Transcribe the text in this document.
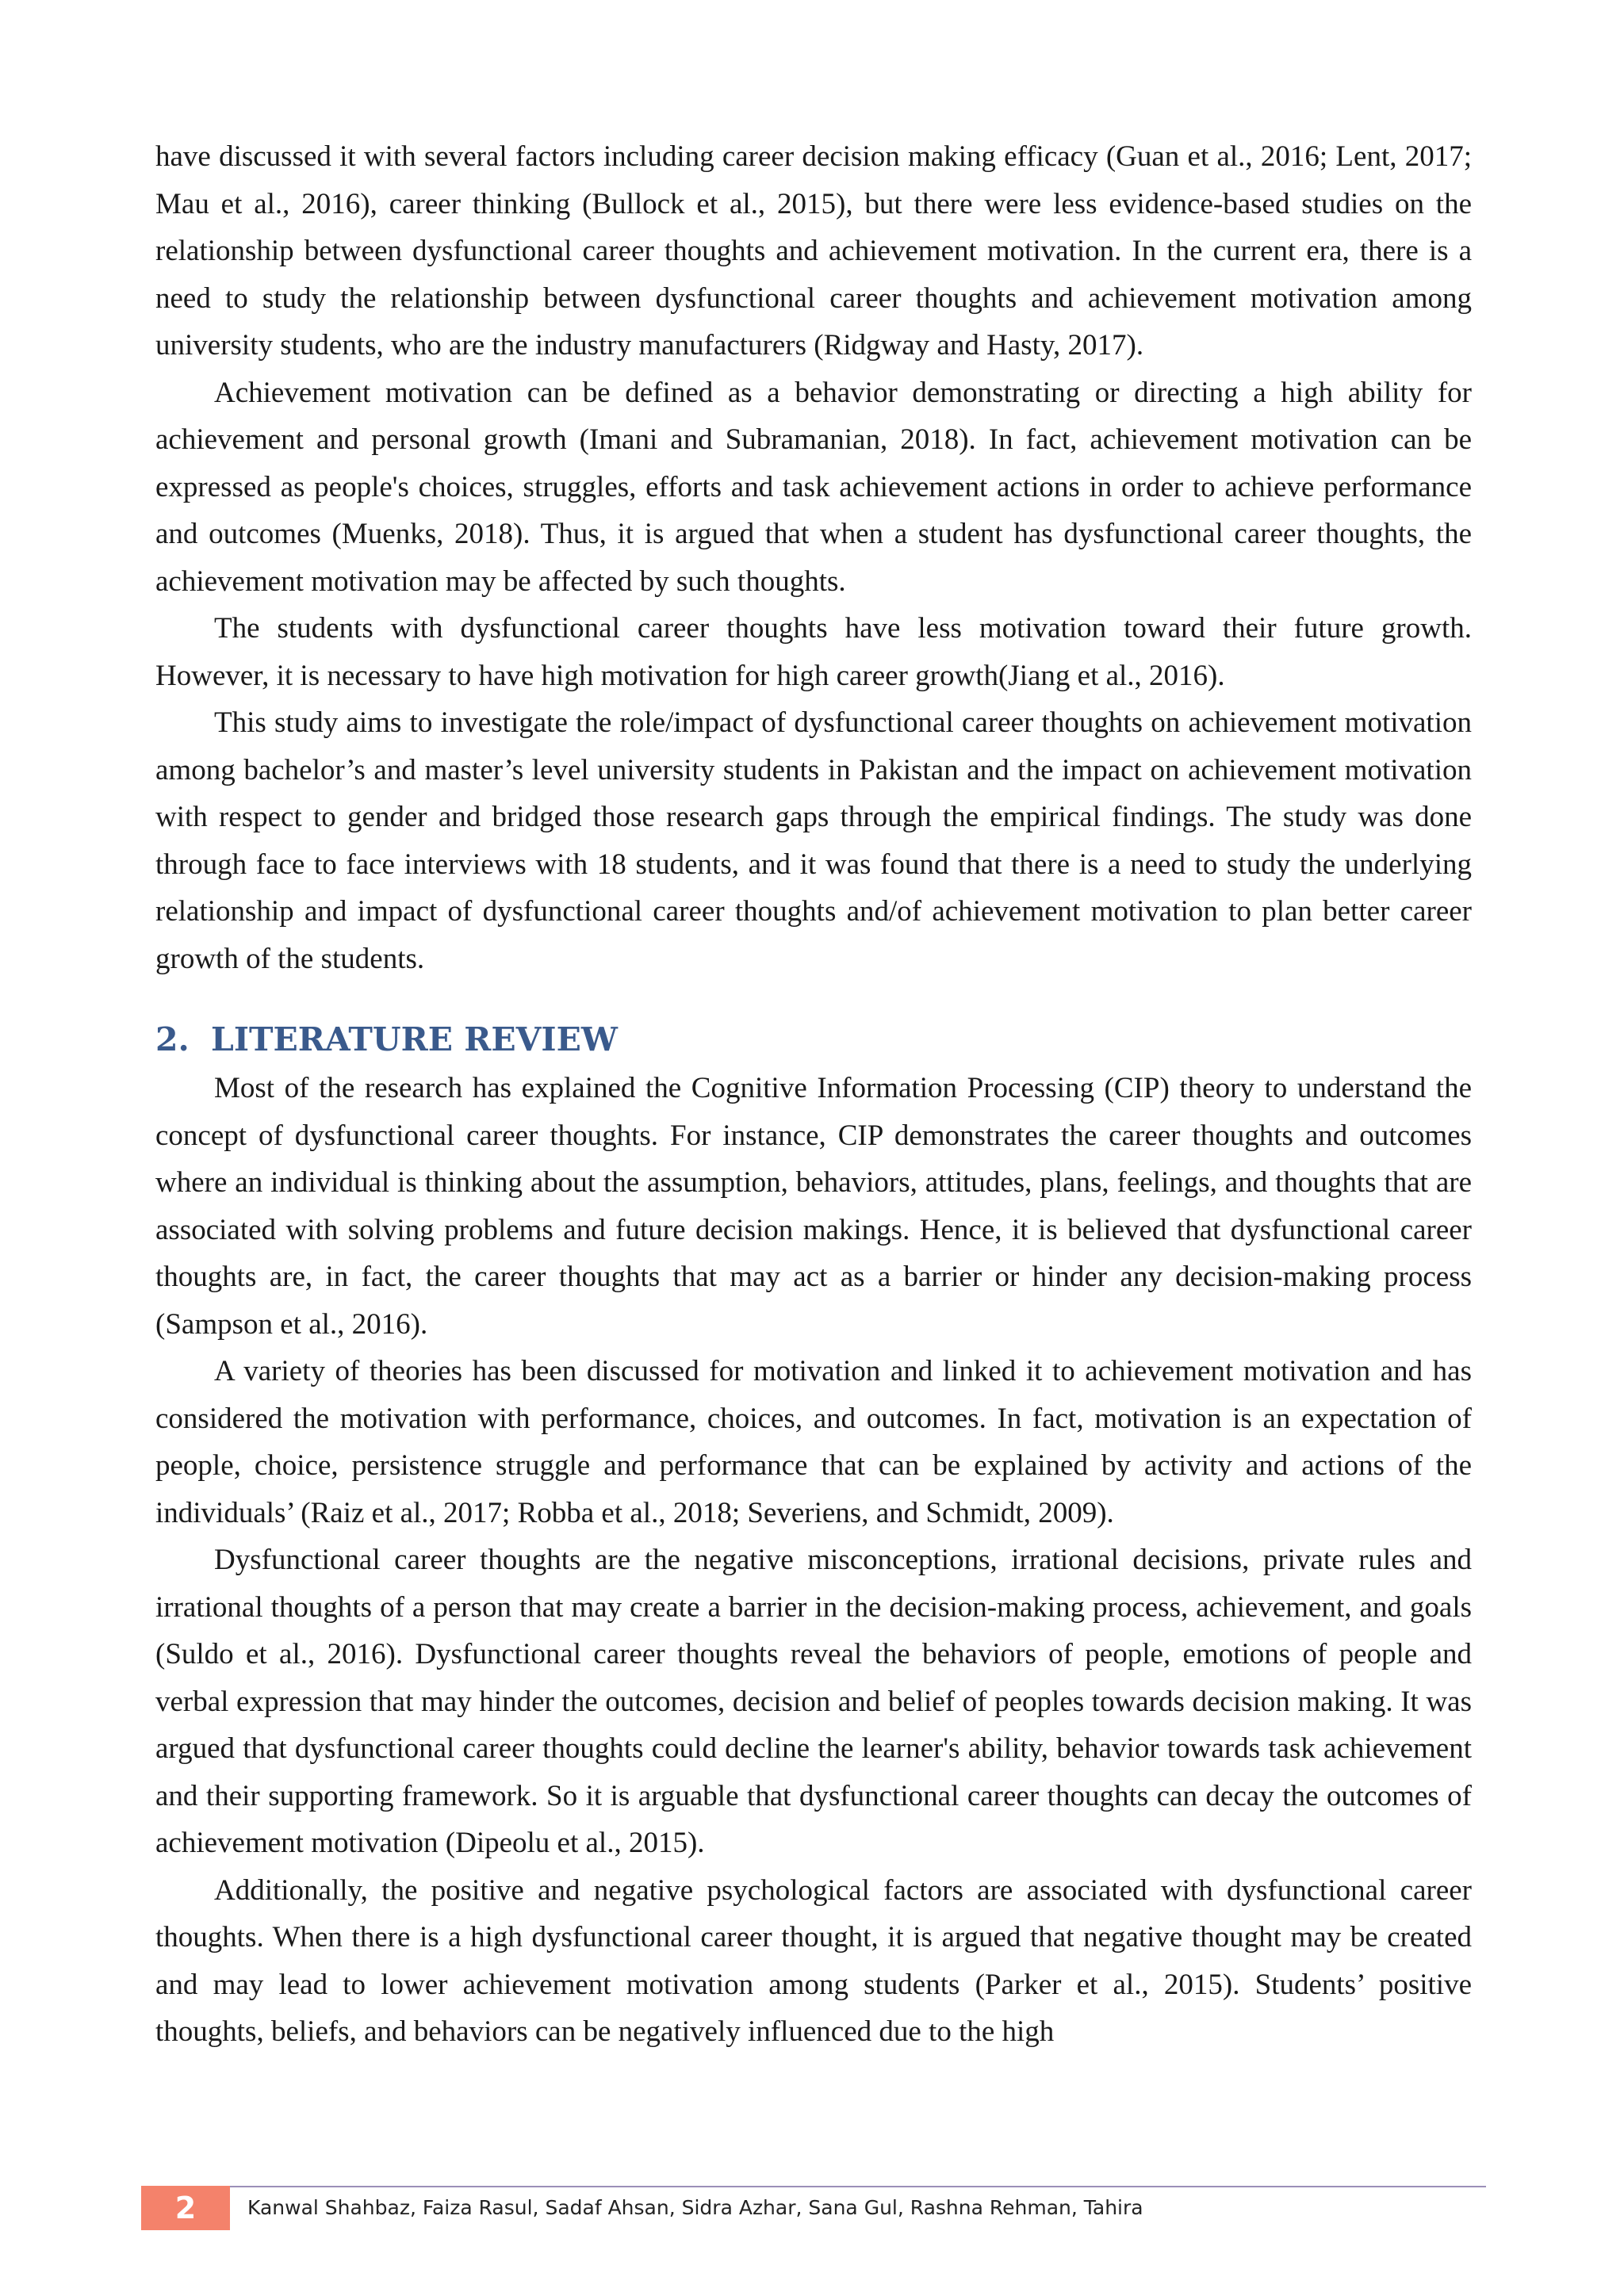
have discussed it with several factors including career decision making efficacy (Guan et al., 2016; Lent, 2017; Mau et al., 2016), career thinking (Bullock et al., 2015), but there were less evidence-based studies on the relationship between dysfunctional career thoughts and achievement motivation. In the current era, there is a need to study the relationship between dysfunctional career thoughts and achievement motivation among university students, who are the industry manufacturers (Ridgway and Hasty, 2017).

Achievement motivation can be defined as a behavior demonstrating or directing a high ability for achievement and personal growth (Imani and Subramanian, 2018). In fact, achievement motivation can be expressed as people's choices, struggles, efforts and task achievement actions in order to achieve performance and outcomes (Muenks, 2018). Thus, it is argued that when a student has dysfunctional career thoughts, the achievement motivation may be affected by such thoughts.

The students with dysfunctional career thoughts have less motivation toward their future growth. However, it is necessary to have high motivation for high career growth(Jiang et al., 2016).

This study aims to investigate the role/impact of dysfunctional career thoughts on achievement motivation among bachelor’s and master’s level university students in Pakistan and the impact on achievement motivation with respect to gender and bridged those research gaps through the empirical findings. The study was done through face to face interviews with 18 students, and it was found that there is a need to study the underlying relationship and impact of dysfunctional career thoughts and/of achievement motivation to plan better career growth of the students.

2. LITERATURE REVIEW

Most of the research has explained the Cognitive Information Processing (CIP) theory to understand the concept of dysfunctional career thoughts. For instance, CIP demonstrates the career thoughts and outcomes where an individual is thinking about the assumption, behaviors, attitudes, plans, feelings, and thoughts that are associated with solving problems and future decision makings. Hence, it is believed that dysfunctional career thoughts are, in fact, the career thoughts that may act as a barrier or hinder any decision-making process (Sampson et al., 2016).

A variety of theories has been discussed for motivation and linked it to achievement motivation and has considered the motivation with performance, choices, and outcomes. In fact, motivation is an expectation of people, choice, persistence struggle and performance that can be explained by activity and actions of the individuals’ (Raiz et al., 2017; Robba et al., 2018; Severiens, and Schmidt, 2009).

Dysfunctional career thoughts are the negative misconceptions, irrational decisions, private rules and irrational thoughts of a person that may create a barrier in the decision-making process, achievement, and goals (Suldo et al., 2016). Dysfunctional career thoughts reveal the behaviors of people, emotions of people and verbal expression that may hinder the outcomes, decision and belief of peoples towards decision making. It was argued that dysfunctional career thoughts could decline the learner's ability, behavior towards task achievement and their supporting framework. So it is arguable that dysfunctional career thoughts can decay the outcomes of achievement motivation (Dipeolu et al., 2015).

Additionally, the positive and negative psychological factors are associated with dysfunctional career thoughts. When there is a high dysfunctional career thought, it is argued that negative thought may be created and may lead to lower achievement motivation among students (Parker et al., 2015). Students’ positive thoughts, beliefs, and behaviors can be negatively influenced due to the high

2	Kanwal Shahbaz, Faiza Rasul, Sadaf Ahsan, Sidra Azhar, Sana Gul, Rashna Rehman, Tahira
